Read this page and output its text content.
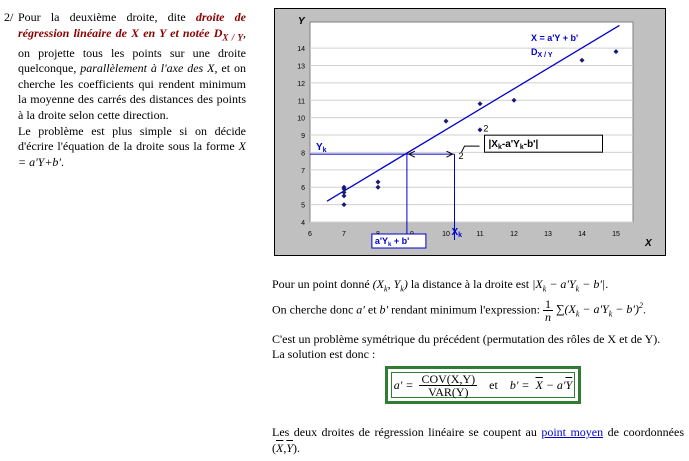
2/ Pour la deuxième droite, dite droite de régression linéaire de X en Y et notée $D_{X / Y}$, on projette tous les points sur une droite quelconque, parallèlement à l'axe des X, et on cherche les coefficients qui rendent minimum la moyenne des carrés des distances des points à la droite selon cette direction.
Le problème est plus simple si on décide d'écrire l'équation de la droite sous la forme X = a'Y+b'.
4
5
6
7
8
9
10
11
12
13
14
6	7	10	11	12	13	14	15
Y
X
X = a'Y + b'
$D_{X / Y}$
$Y_k$
$X_k$
$a'Y_k + b'$
$|X_k-a'Y_k-b'|$
2
2
Pour un point donné ($X_k$, $Y_k$) la distance à la droite est $|X_k - a'Y_k - b'|$.
On cherche donc a' et b' rendant minimum l'expression: $\frac{1}{n} \sum(X_k - a'Y_k - b')^2$.
C'est un problème symétrique du précédent (permutation des rôles de X et de Y).
La solution est donc :
$a' = \frac{\text{COV(X,Y)}}{\text{VAR(Y)}}$ et $b' = \overline{X} - a'\overline{Y}$
Les deux droites de régression linéaire se coupent au point moyen de coordonnées $(\overline{X},\overline{Y})$.
